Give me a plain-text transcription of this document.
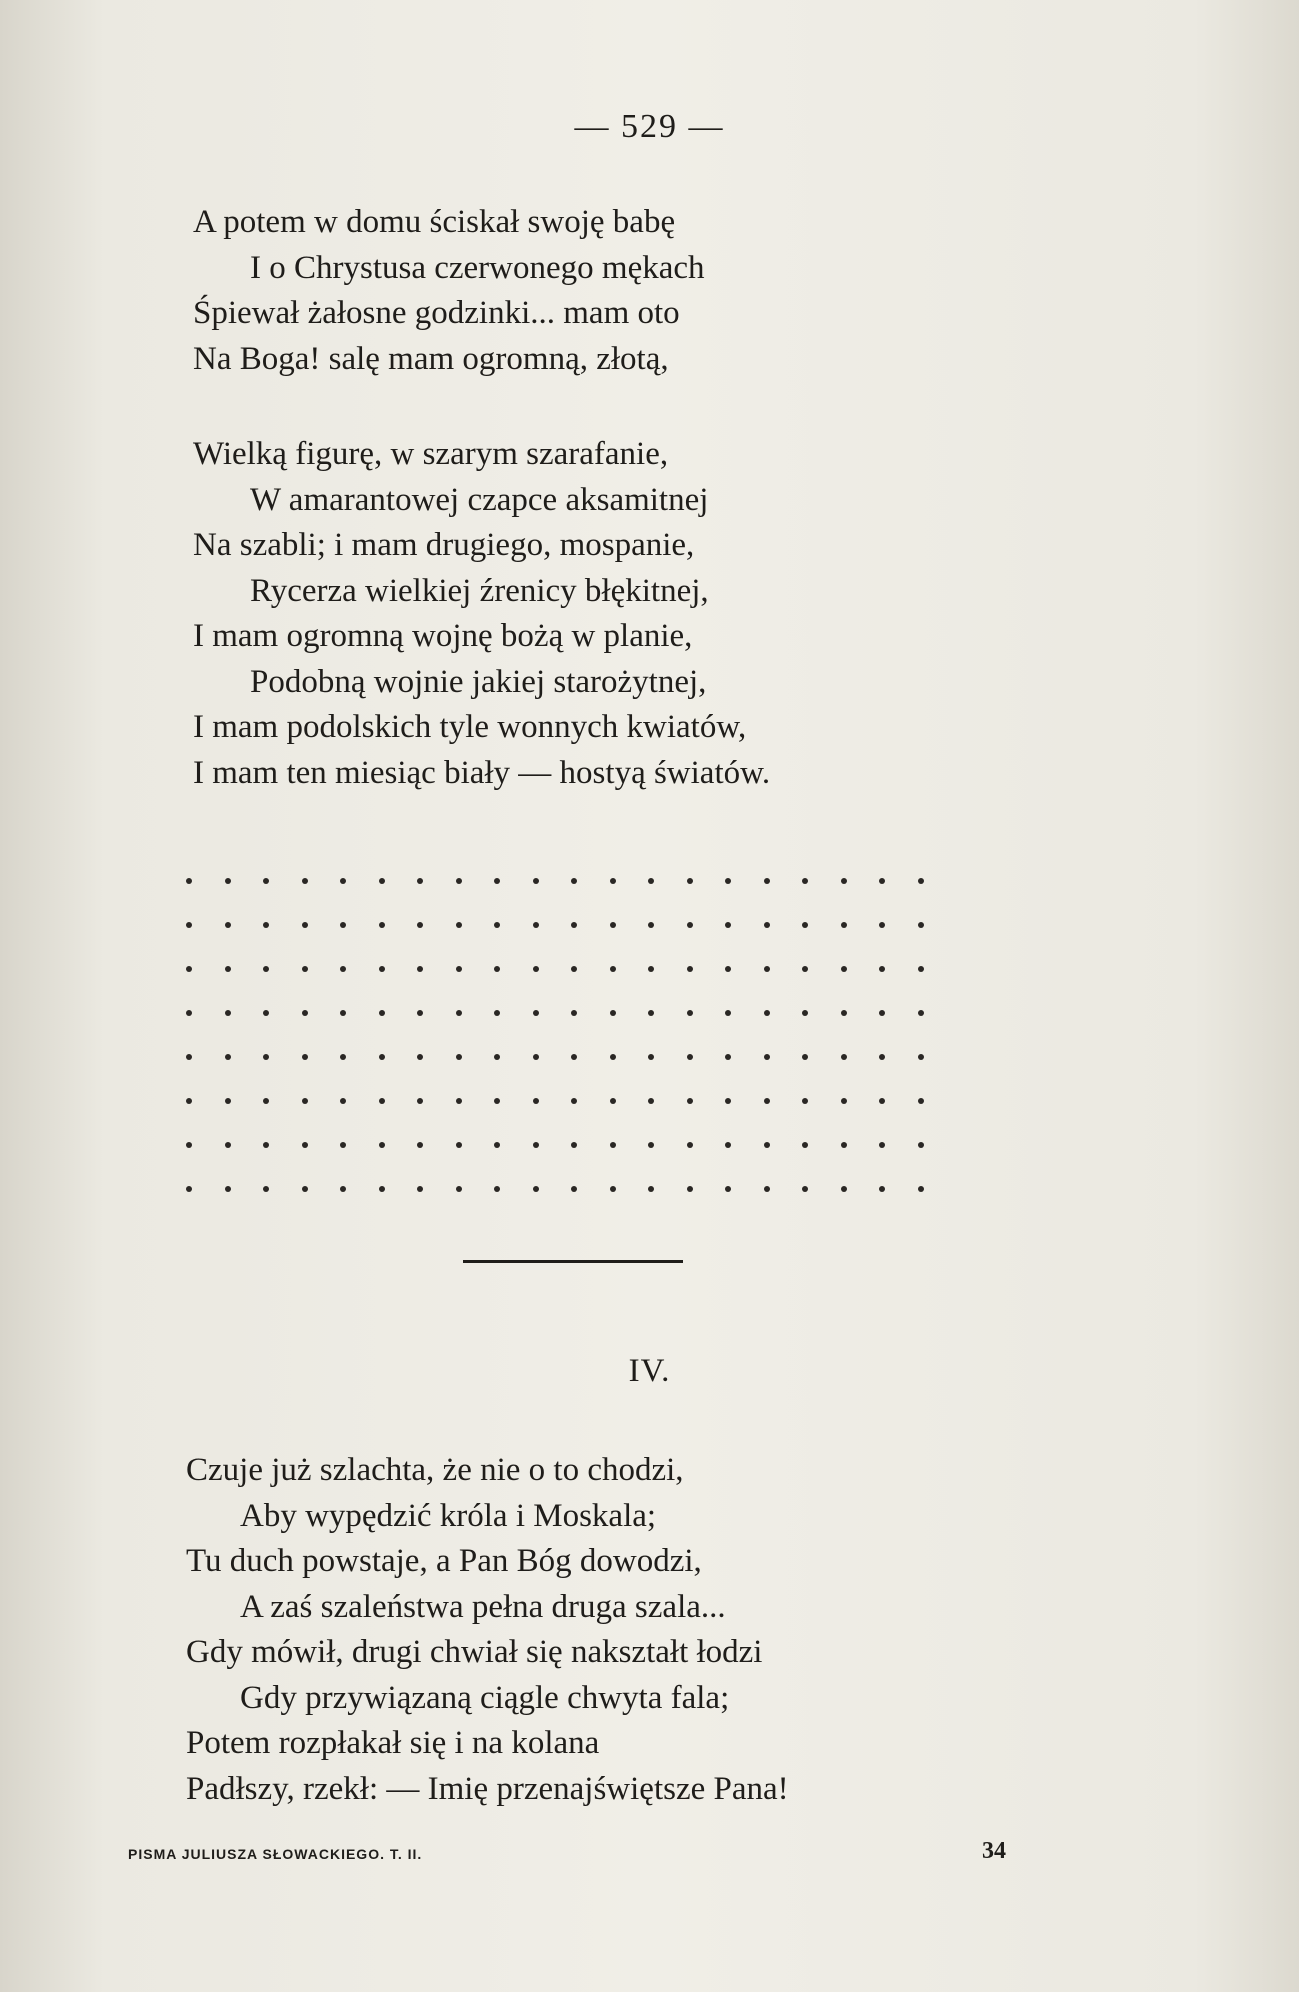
— 529 —
A potem w domu ściskał swoję babę
I o Chrystusa czerwonego mękach
Śpiewał żałosne godzinki... mam oto
Na Boga! salę mam ogromną, złotą,
Wielką figurę, w szarym szarafanie,
W amarantowej czapce aksamitnej
Na szabli; i mam drugiego, mospanie,
Rycerza wielkiej źrenicy błękitnej,
I mam ogromną wojnę bożą w planie,
Podobną wojnie jakiej starożytnej,
I mam podolskich tyle wonnych kwiatów,
I mam ten miesiąc biały — hostyą światów.
IV.
Czuje już szlachta, że nie o to chodzi,
Aby wypędzić króla i Moskala;
Tu duch powstaje, a Pan Bóg dowodzi,
A zaś szaleństwa pełna druga szala...
Gdy mówił, drugi chwiał się nakształt łodzi
Gdy przywiązaną ciągle chwyta fala;
Potem rozpłakał się i na kolana
Padłszy, rzekł: — Imię przenajświętsze Pana!
PISMA JULIUSZA SŁOWACKIEGO. T. II.	34
